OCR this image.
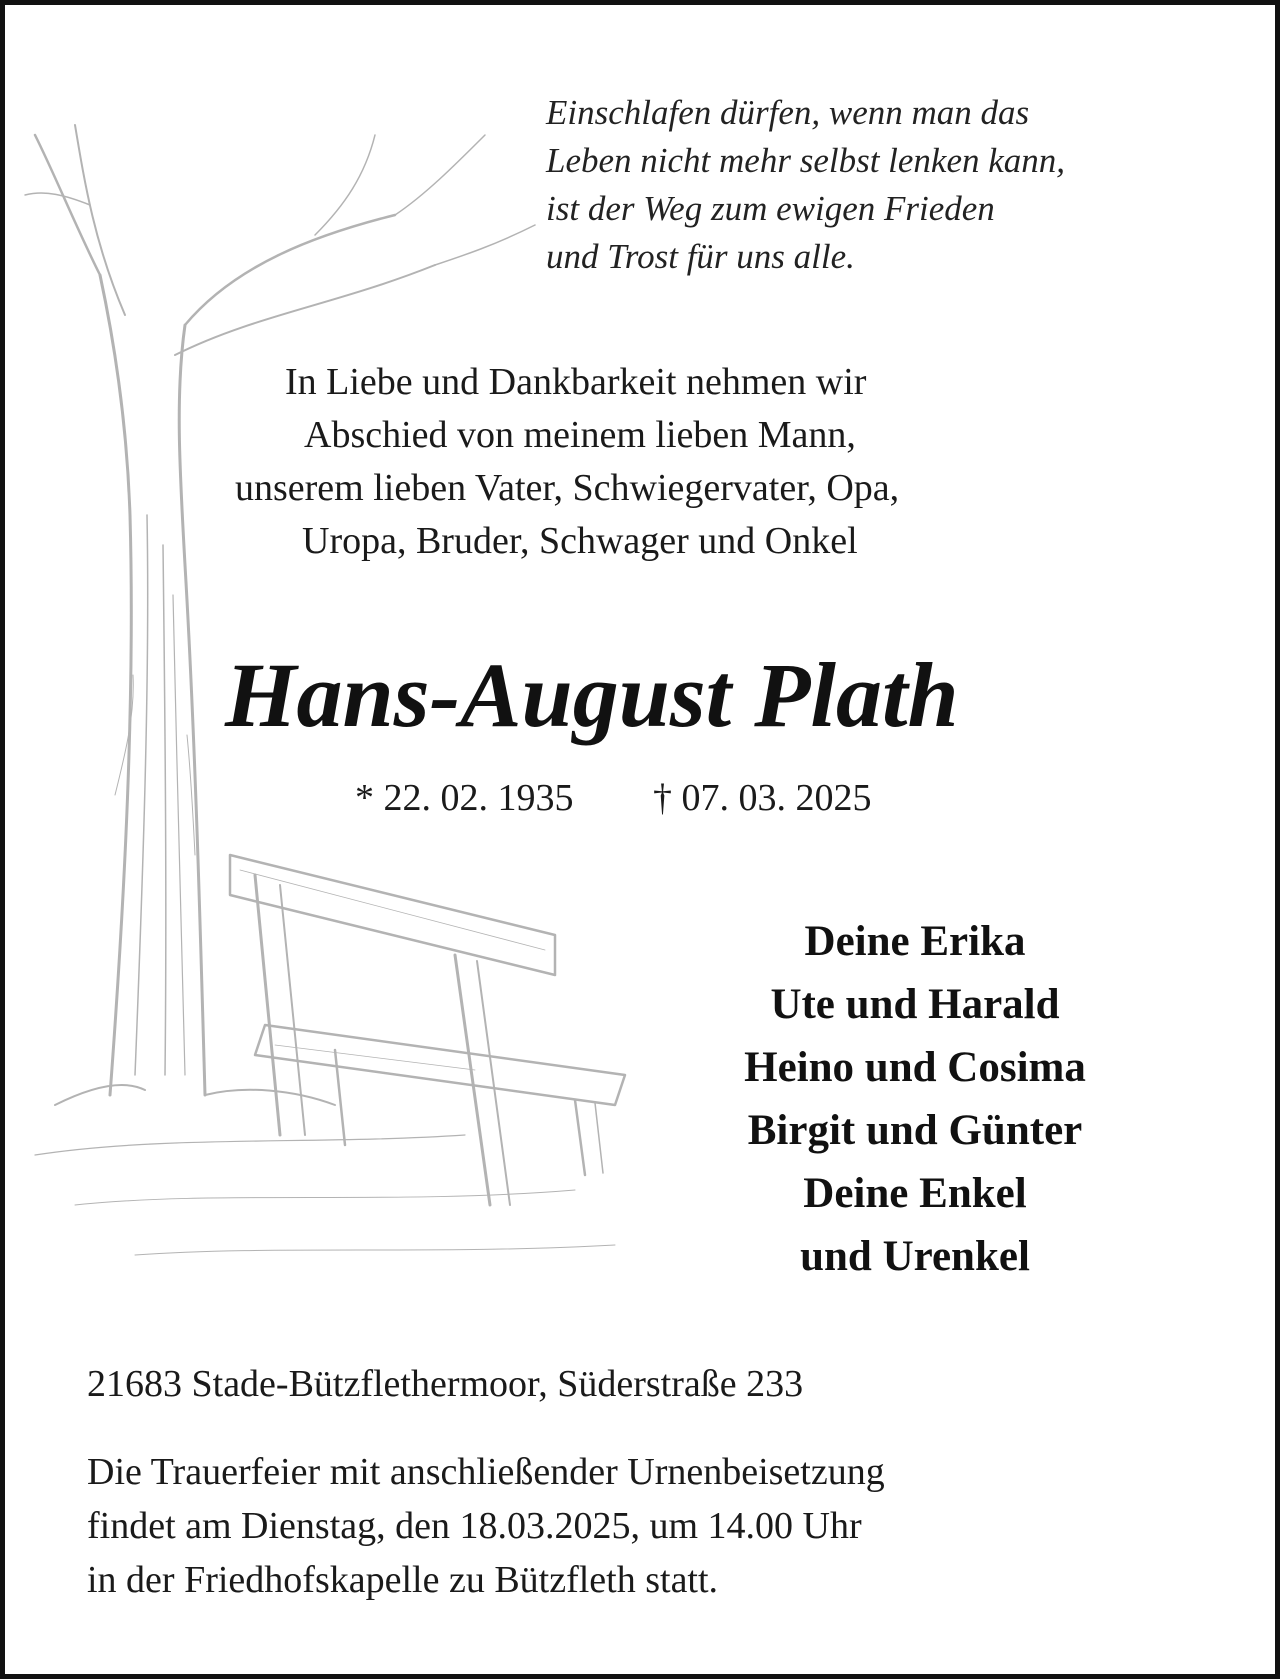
Einschlafen dürfen, wenn man das
Leben nicht mehr selbst lenken kann,
ist der Weg zum ewigen Frieden
und Trost für uns alle.
In Liebe und Dankbarkeit nehmen wir
Abschied von meinem lieben Mann,
unserem lieben Vater, Schwiegervater, Opa,
Uropa, Bruder, Schwager und Onkel
Hans-August Plath
* 22. 02. 1935 † 07. 03. 2025
Deine Erika
Ute und Harald
Heino und Cosima
Birgit und Günter
Deine Enkel
und Urenkel
21683 Stade-Bützflethermoor, Süderstraße 233
Die Trauerfeier mit anschließender Urnenbeisetzung
findet am Dienstag, den 18.03.2025, um 14.00 Uhr
in der Friedhofskapelle zu Bützfleth statt.
